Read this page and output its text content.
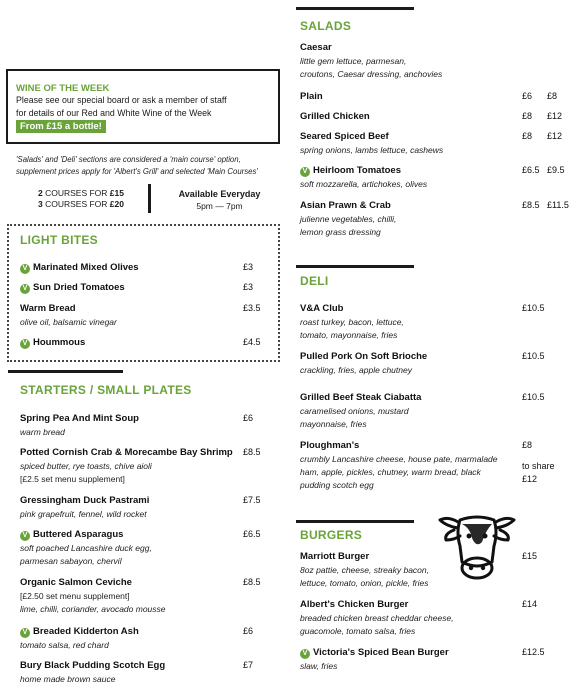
WINE OF THE WEEK
Please see our special board or ask a member of staff
for details of our Red and White Wine of the Week
From £15 a bottle!
'Salads' and 'Deli' sections are considered a 'main course' option,
supplement prices apply for 'Albert's Grill' and selected 'Main Courses'
2 COURSES FOR £15
3 COURSES FOR £20
Available Everyday
5pm — 7pm
LIGHT BITES
V Marinated Mixed Olives	£3
V Sun Dried Tomatoes	£3
Warm Bread
olive oil, balsamic vinegar
£3.5
V Hoummous	£4.5
STARTERS / SMALL PLATES
Spring Pea And Mint Soup
warm bread
£6
Potted Cornish Crab & Morecambe Bay Shrimp
spiced butter, rye toasts, chive aioli
[£2.5 set menu supplement]
£8.5
Gressingham Duck Pastrami
pink grapefruit, fennel, wild rocket
£7.5
V Buttered Asparagus
soft poached Lancashire duck egg,
parmesan sabayon, chervil
£6.5
Organic Salmon Ceviche
[£2.50 set menu supplement]
lime, chilli, coriander, avocado mousse
£8.5
V Breaded Kidderton Ash
tomato salsa, red chard
£6
Bury Black Pudding Scotch Egg
home made brown sauce
£7
SALADS
Caesar
little gem lettuce, parmesan,
croutons, Caesar dressing, anchovies
Plain	£6 £8
Grilled Chicken	£8 £12
Seared Spiced Beef
spring onions, lambs lettuce, cashews
£8 £12
V Heirloom Tomatoes
soft mozzarella, artichokes, olives
£6.5 £9.5
Asian Prawn & Crab
julienne vegetables, chilli,
lemon grass dressing
£8.5 £11.5
DELI
V&A Club
roast turkey, bacon, lettuce,
tomato, mayonnaise, fries
£10.5
Pulled Pork On Soft Brioche
crackling, fries, apple chutney
£10.5
Grilled Beef Steak Ciabatta
caramelised onions, mustard
mayonnaise, fries
£10.5
Ploughman's
crumbly Lancashire cheese, house pate, marmalade
ham, apple, pickles, chutney, warm bread, black
pudding scotch egg
£8
to share
£12
BURGERS
Marriott Burger
8oz pattie, cheese, streaky bacon,
lettuce, tomato, onion, pickle, fries
£15
Albert's Chicken Burger
breaded chicken breast cheddar cheese,
guacomole, tomato salsa, fries
£14
V Victoria's Spiced Bean Burger
slaw, fries
£12.5
